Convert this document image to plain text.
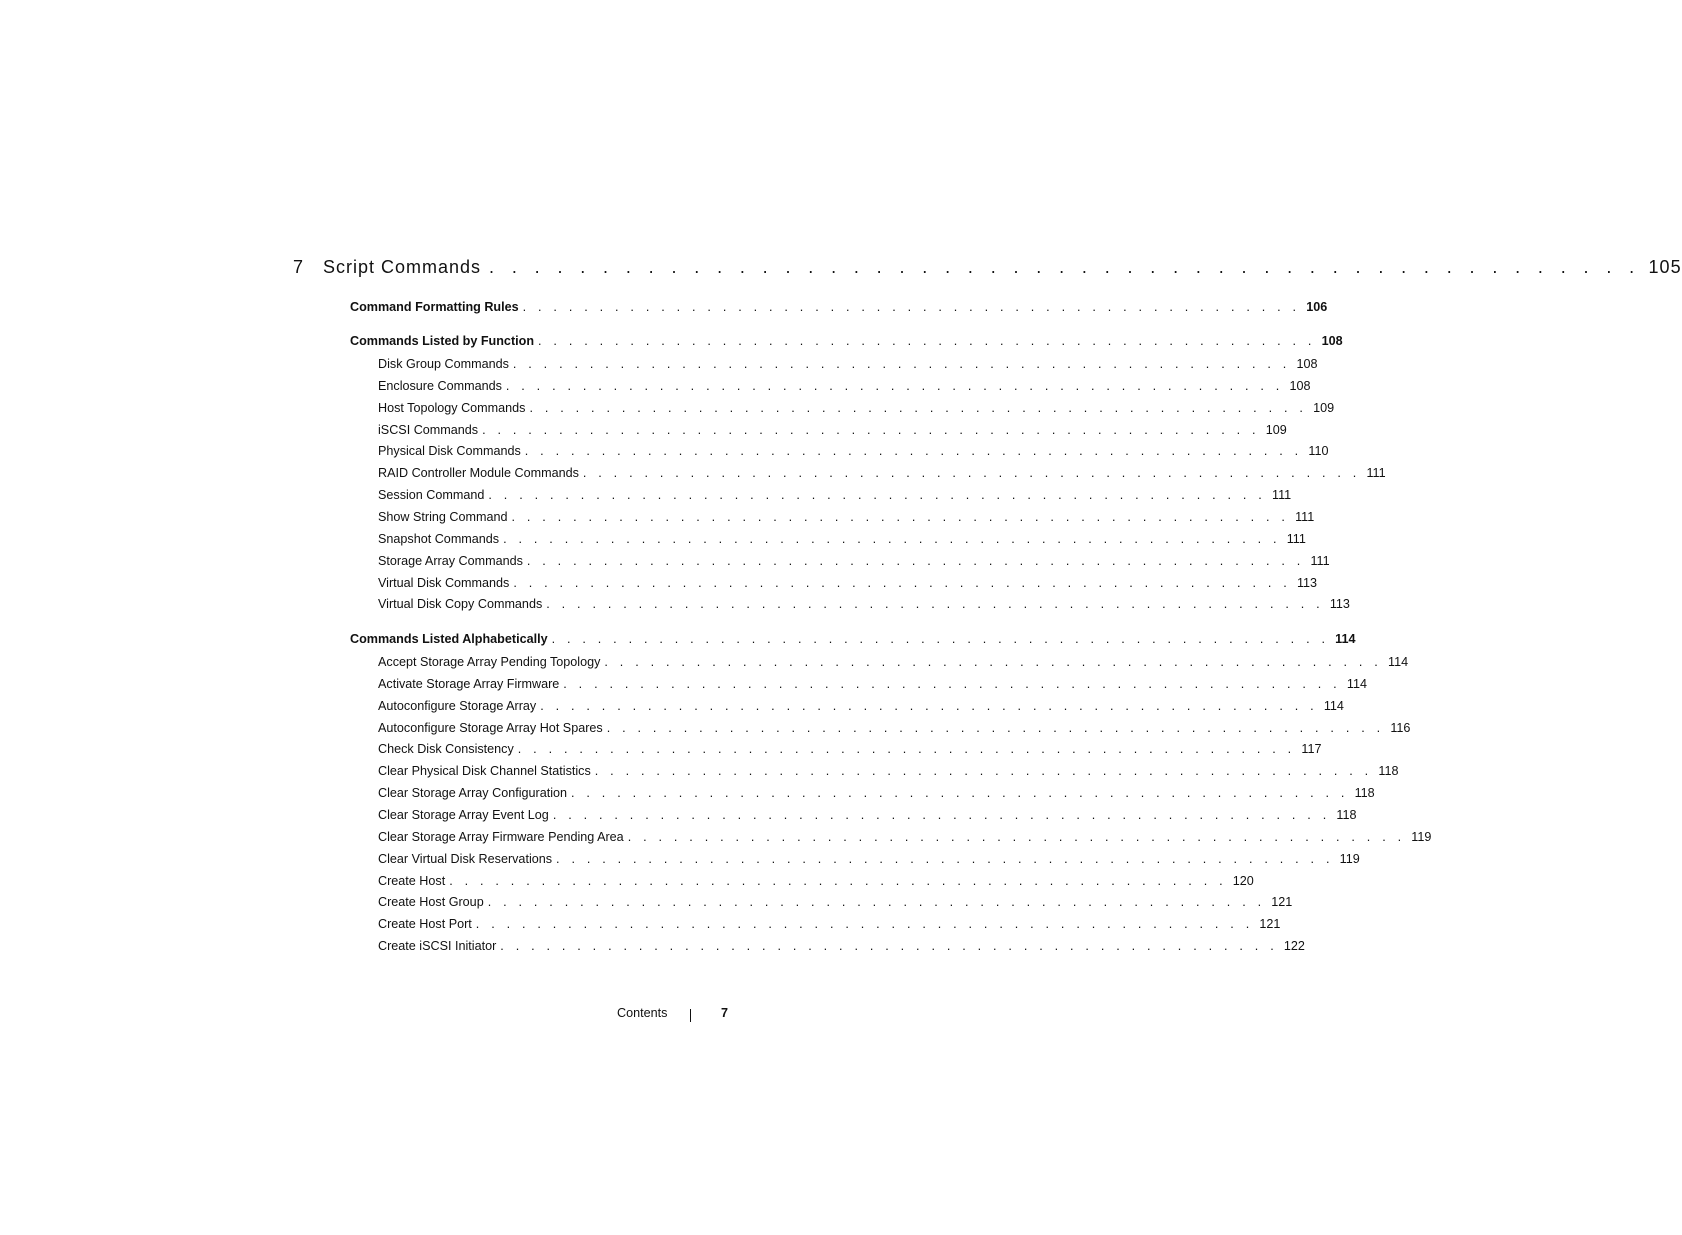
7	Script Commands . . . . . . . . . . . . . . . . . . . . . . . . . . . . . . . . . . . . . . . . . . . . . . . . . . . 105
Command Formatting Rules . . . . . . . . . . . . . . . . . . . . . . . . . . . . . . . . . . . . . . . . . . . . . . . . . . . 106
Commands Listed by Function . . . . . . . . . . . . . . . . . . . . . . . . . . . . . . . . . . . . . . . . . . . . . . . . . . . 108
Disk Group Commands . . . . . . . . . . . . . . . . . . . . . . . . . . . . . . . . . . . . . . . . . . . . . . . . . . . 108
Enclosure Commands . . . . . . . . . . . . . . . . . . . . . . . . . . . . . . . . . . . . . . . . . . . . . . . . . . . 108
Host Topology Commands . . . . . . . . . . . . . . . . . . . . . . . . . . . . . . . . . . . . . . . . . . . . . . . . . . . 109
iSCSI Commands . . . . . . . . . . . . . . . . . . . . . . . . . . . . . . . . . . . . . . . . . . . . . . . . . . . 109
Physical Disk Commands . . . . . . . . . . . . . . . . . . . . . . . . . . . . . . . . . . . . . . . . . . . . . . . . . . . 110
RAID Controller Module Commands . . . . . . . . . . . . . . . . . . . . . . . . . . . . . . . . . . . . . . . . . . . . . . . . . . . 111
Session Command . . . . . . . . . . . . . . . . . . . . . . . . . . . . . . . . . . . . . . . . . . . . . . . . . . . 111
Show String Command . . . . . . . . . . . . . . . . . . . . . . . . . . . . . . . . . . . . . . . . . . . . . . . . . . . 111
Snapshot Commands . . . . . . . . . . . . . . . . . . . . . . . . . . . . . . . . . . . . . . . . . . . . . . . . . . . 111
Storage Array Commands . . . . . . . . . . . . . . . . . . . . . . . . . . . . . . . . . . . . . . . . . . . . . . . . . . . 111
Virtual Disk Commands . . . . . . . . . . . . . . . . . . . . . . . . . . . . . . . . . . . . . . . . . . . . . . . . . . . 113
Virtual Disk Copy Commands . . . . . . . . . . . . . . . . . . . . . . . . . . . . . . . . . . . . . . . . . . . . . . . . . . . 113
Commands Listed Alphabetically . . . . . . . . . . . . . . . . . . . . . . . . . . . . . . . . . . . . . . . . . . . . . . . . . . . 114
Accept Storage Array Pending Topology . . . . . . . . . . . . . . . . . . . . . . . . . . . . . . . . . . . . . . . . . . . . . . . . . . . 114
Activate Storage Array Firmware . . . . . . . . . . . . . . . . . . . . . . . . . . . . . . . . . . . . . . . . . . . . . . . . . . . 114
Autoconfigure Storage Array . . . . . . . . . . . . . . . . . . . . . . . . . . . . . . . . . . . . . . . . . . . . . . . . . . . 114
Autoconfigure Storage Array Hot Spares . . . . . . . . . . . . . . . . . . . . . . . . . . . . . . . . . . . . . . . . . . . . . . . . . . . 116
Check Disk Consistency . . . . . . . . . . . . . . . . . . . . . . . . . . . . . . . . . . . . . . . . . . . . . . . . . . . 117
Clear Physical Disk Channel Statistics . . . . . . . . . . . . . . . . . . . . . . . . . . . . . . . . . . . . . . . . . . . . . . . . . . . 118
Clear Storage Array Configuration . . . . . . . . . . . . . . . . . . . . . . . . . . . . . . . . . . . . . . . . . . . . . . . . . . . 118
Clear Storage Array Event Log . . . . . . . . . . . . . . . . . . . . . . . . . . . . . . . . . . . . . . . . . . . . . . . . . . . 118
Clear Storage Array Firmware Pending Area . . . . . . . . . . . . . . . . . . . . . . . . . . . . . . . . . . . . . . . . . . . . . . . . . . . 119
Clear Virtual Disk Reservations . . . . . . . . . . . . . . . . . . . . . . . . . . . . . . . . . . . . . . . . . . . . . . . . . . . 119
Create Host . . . . . . . . . . . . . . . . . . . . . . . . . . . . . . . . . . . . . . . . . . . . . . . . . . . 120
Create Host Group . . . . . . . . . . . . . . . . . . . . . . . . . . . . . . . . . . . . . . . . . . . . . . . . . . . 121
Create Host Port . . . . . . . . . . . . . . . . . . . . . . . . . . . . . . . . . . . . . . . . . . . . . . . . . . . 121
Create iSCSI Initiator . . . . . . . . . . . . . . . . . . . . . . . . . . . . . . . . . . . . . . . . . . . . . . . . . . . 122
Contents	7
